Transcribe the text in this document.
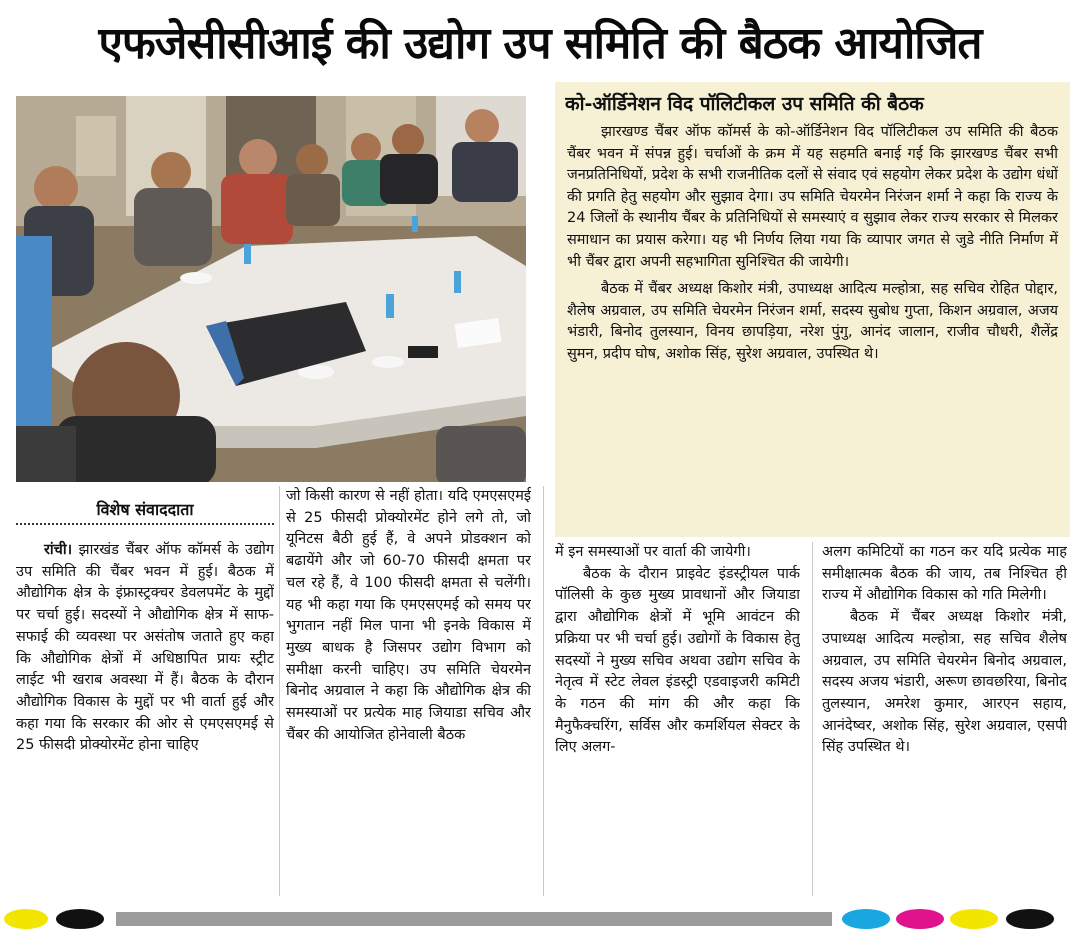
एफजेसीसीआई की उद्योग उप समिति की बैठक आयोजित
को-ऑर्डिनेशन विद पॉलिटीकल उप समिति की बैठक

झारखण्ड चैंबर ऑफ कॉमर्स के को-ऑर्डिनेशन विद पॉलिटीकल उप समिति की बैठक चैंबर भवन में संपन्न हुई। चर्चाओं के क्रम में यह सहमति बनाई गई कि झारखण्ड चैंबर सभी जनप्रतिनिधियों, प्रदेश के सभी राजनीतिक दलों से संवाद एवं सहयोग लेकर प्रदेश के उद्योग धंधों की प्रगति हेतु सहयोग और सुझाव देगा। उप समिति चेयरमेन निरंजन शर्मा ने कहा कि राज्य के 24 जिलों के स्थानीय चैंबर के प्रतिनिधियों से समस्याएं व सुझाव लेकर राज्य सरकार से मिलकर समाधान का प्रयास करेगा। यह भी निर्णय लिया गया कि व्यापार जगत से जुडे नीति निर्माण में भी चैंबर द्वारा अपनी सहभागिता सुनिश्चित की जायेगी।

बैठक में चैंबर अध्यक्ष किशोर मंत्री, उपाध्यक्ष आदित्य मल्होत्रा, सह सचिव रोहित पोद्दार, शैलेष अग्रवाल, उप समिति चेयरमेन निरंजन शर्मा, सदस्य सुबोध गुप्ता, किशन अग्रवाल, अजय भंडारी, बिनोद तुलस्यान, विनय छापड़िया, नरेश पुंगु, आनंद जालान, राजीव चौधरी, शैलेंद्र सुमन, प्रदीप घोष, अशोक सिंह, सुरेश अग्रवाल, उपस्थित थे।

विशेष संवाददाता

रांची। झारखंड चैंबर ऑफ कॉमर्स के उद्योग उप समिति की चैंबर भवन में हुई। बैठक में औद्योगिक क्षेत्र के इंफ्रास्ट्रक्चर डेवलपमेंट के मुद्दों पर चर्चा हुई। सदस्यों ने औद्योगिक क्षेत्र में साफ-सफाई की व्यवस्था पर असंतोष जताते हुए कहा कि औद्योगिक क्षेत्रों में अधिष्ठापित प्रायः स्ट्रीट लाईट भी खराब अवस्था में हैं। बैठक के दौरान औद्योगिक विकास के मुद्दों पर भी वार्ता हुई और कहा गया कि सरकार की ओर से एमएसएमई से 25 फीसदी प्रोक्योरमेंट होना चाहिए

जो किसी कारण से नहीं होता। यदि एमएसएमई से 25 फीसदी प्रोक्योरमेंट होने लगे तो, जो यूनिटस बैठी हुई हैं, वे अपने प्रोडक्शन को बढायेंगे और जो 60-70 फीसदी क्षमता पर चल रहे हैं, वे 100 फीसदी क्षमता से चलेंगी। यह भी कहा गया कि एमएसएमई को समय पर भुगतान नहीं मिल पाना भी इनके विकास में मुख्य बाधक है जिसपर उद्योग विभाग को समीक्षा करनी चाहिए। उप समिति चेयरमेन बिनोद अग्रवाल ने कहा कि औद्योगिक क्षेत्र की समस्याओं पर प्रत्येक माह जियाडा सचिव और चैंबर की आयोजित होनेवाली बैठक

में इन समस्याओं पर वार्ता की जायेगी।

बैठक के दौरान प्राइवेट इंडस्ट्रीयल पार्क पॉलिसी के कुछ मुख्य प्रावधानों और जियाडा द्वारा औद्योगिक क्षेत्रों में भूमि आवंटन की प्रक्रिया पर भी चर्चा हुई। उद्योगों के विकास हेतु सदस्यों ने मुख्य सचिव अथवा उद्योग सचिव के नेतृत्व में स्टेट लेवल इंडस्ट्री एडवाइजरी कमिटी के गठन की मांग की और कहा कि मैनुफैक्चरिंग, सर्विस और कमर्शियल सेक्टर के लिए अलग-

अलग कमिटियों का गठन कर यदि प्रत्येक माह समीक्षात्मक बैठक की जाय, तब निश्चित ही राज्य में औद्योगिक विकास को गति मिलेगी।

बैठक में चैंबर अध्यक्ष किशोर मंत्री, उपाध्यक्ष आदित्य मल्होत्रा, सह सचिव शैलेष अग्रवाल, उप समिति चेयरमेन बिनोद अग्रवाल, सदस्य अजय भंडारी, अरूण छावछरिया, बिनोद तुलस्यान, अमरेश कुमार, आरएन सहाय, आनंदेष्वर, अशोक सिंह, सुरेश अग्रवाल, एसपी सिंह उपस्थित थे।
